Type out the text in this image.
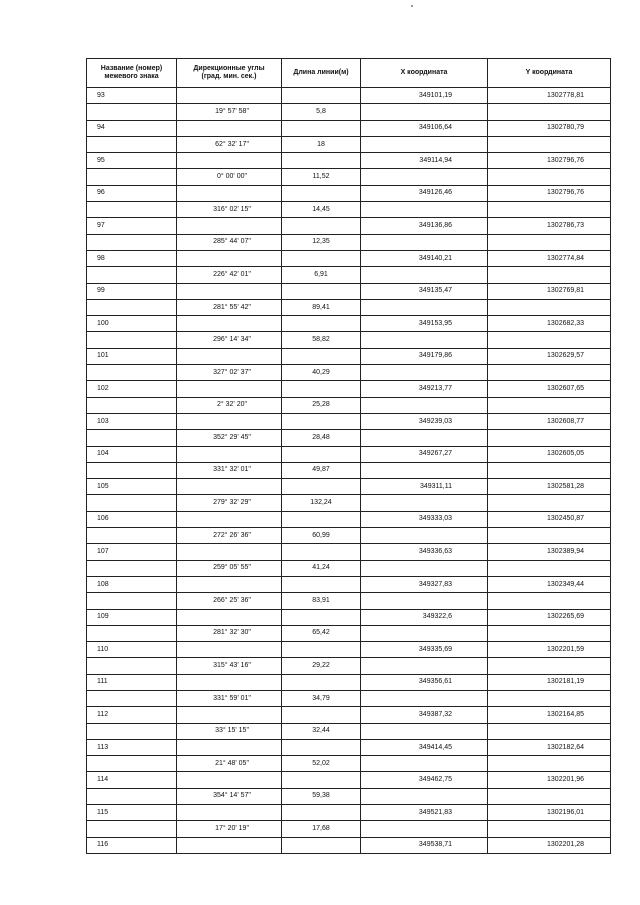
Название (номер)
межевого знака	Дирекционные углы
(град. мин. сек.)	Длина линии(м)	X координата	Y координата

93			349101,19	1302778,81
	19° 57' 58"	5,8		
94			349106,64	1302780,79
	62° 32' 17"	18		
95			349114,94	1302796,76
	0° 00' 00"	11,52		
96			349126,46	1302796,76
	316° 02' 15"	14,45		
97			349136,86	1302786,73
	285° 44' 07"	12,35		
98			349140,21	1302774,84
	226° 42' 01"	6,91		
99			349135,47	1302769,81
	281° 55' 42"	89,41		
100			349153,95	1302682,33
	296° 14' 34"	58,82		
101			349179,86	1302629,57
	327° 02' 37"	40,29		
102			349213,77	1302607,65
	2° 32' 20"	25,28		
103			349239,03	1302608,77
	352° 29' 45"	28,48		
104			349267,27	1302605,05
	331° 32' 01"	49,87		
105			349311,11	1302581,28
	279° 32' 29"	132,24		
106			349333,03	1302450,87
	272° 26' 36"	60,99		
107			349336,63	1302389,94
	259° 05' 55"	41,24		
108			349327,83	1302349,44
	266° 25' 36"	83,91		
109			349322,6	1302265,69
	281° 32' 30"	65,42		
110			349335,69	1302201,59
	315° 43' 16"	29,22		
111			349356,61	1302181,19
	331° 59' 01"	34,79		
112			349387,32	1302164,85
	33° 15' 15"	32,44		
113			349414,45	1302182,64
	21° 48' 05"	52,02		
114			349462,75	1302201,96
	354° 14' 57"	59,38		
115			349521,83	1302196,01
	17° 20' 19"	17,68		
116			349538,71	1302201,28
